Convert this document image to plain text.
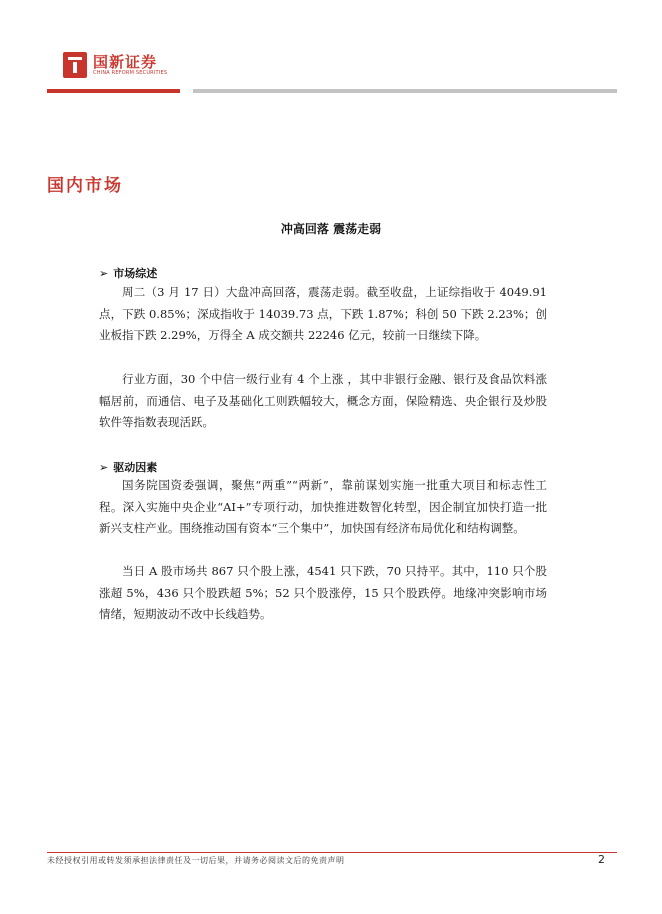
国新证券
CHINA REFORM SECURITIES
国内市场
冲高回落 震荡走弱
➢ 市场综述

周二（3 月 17 日）大盘冲高回落，震荡走弱。截至收盘，上证综指收于 4049.91 点，下跌 0.85%；深成指收于 14039.73 点，下跌 1.87%；科创 50 下跌 2.23%；创业板指下跌 2.29%，万得全 A 成交额共 22246 亿元，较前一日继续下降。

行业方面，30 个中信一级行业有 4 个上涨 ，其中非银行金融、银行及食品饮料涨幅居前，而通信、电子及基础化工则跌幅较大，概念方面，保险精选、央企银行及炒股软件等指数表现活跃。

➢ 驱动因素

国务院国资委强调，聚焦“两重”“两新”，靠前谋划实施一批重大项目和标志性工程。深入实施中央企业“AI+”专项行动，加快推进数智化转型，因企制宜加快打造一批新兴支柱产业。围绕推动国有资本“三个集中”，加快国有经济布局优化和结构调整。

当日 A 股市场共 867 只个股上涨，4541 只下跌，70 只持平。其中，110 只个股涨超 5%，436 只个股跌超 5%；52 只个股涨停，15 只个股跌停。地缘冲突影响市场情绪，短期波动不改中长线趋势。

未经授权引用或转发须承担法律责任及一切后果，并请务必阅读文后的免责声明	2
